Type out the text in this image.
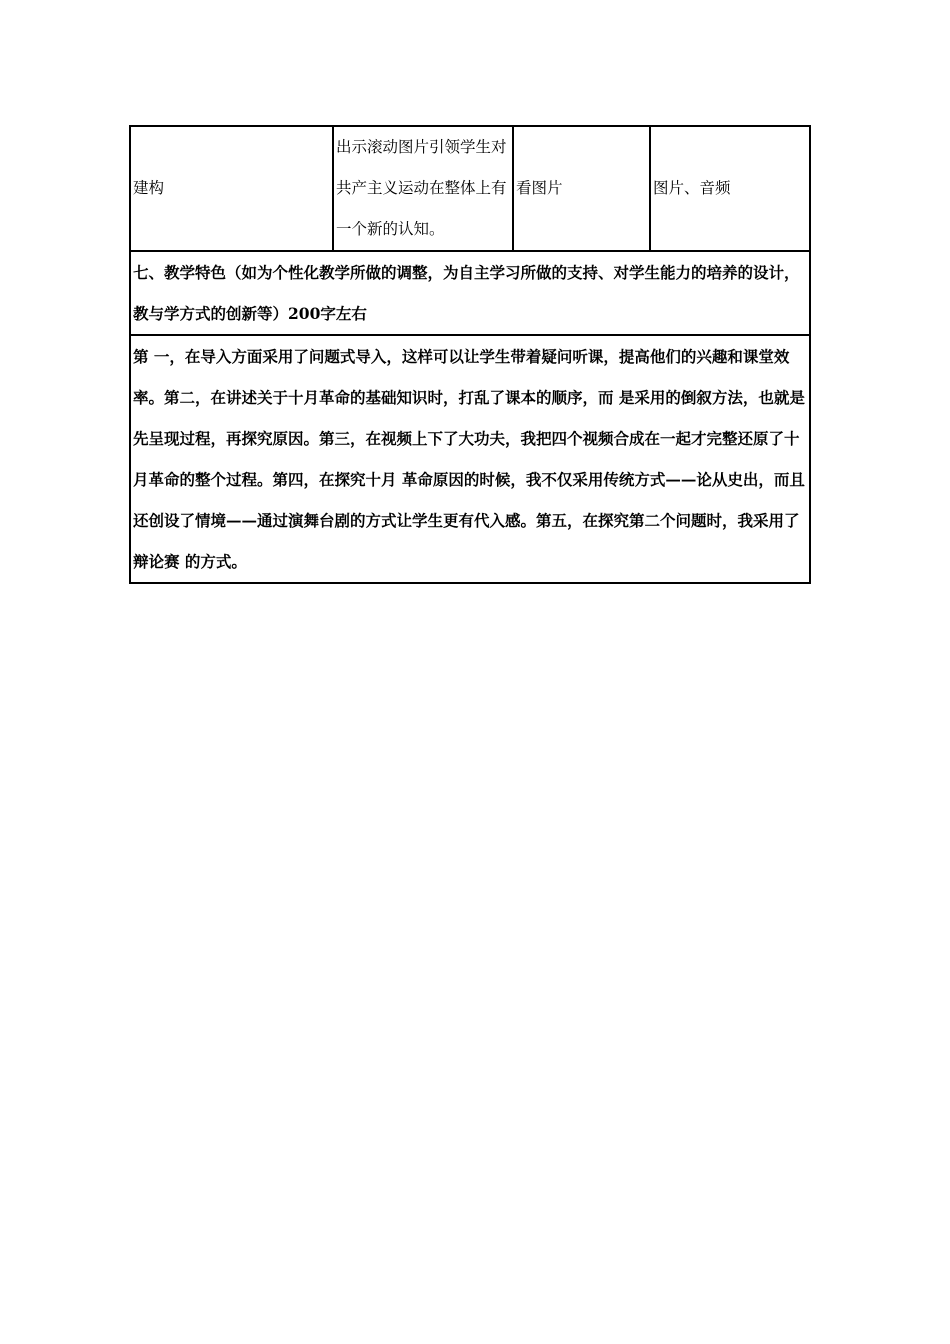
建构	出示滚动图片引领学生对共产主义运动在整体上有一个新的认知。	看图片	图片、音频
七、教学特色（如为个性化教学所做的调整，为自主学习所做的支持、对学生能力的培养的设计，教与学方式的创新等）200字左右
第 一，在导入方面采用了问题式导入，这样可以让学生带着疑问听课，提高他们的兴趣和课堂效率。第二，在讲述关于十月革命的基础知识时，打乱了课本的顺序，而 是采用的倒叙方法，也就是先呈现过程，再探究原因。第三，在视频上下了大功夫，我把四个视频合成在一起才完整还原了十月革命的整个过程。第四，在探究十月 革命原因的时候，我不仅采用传统方式——论从史出，而且还创设了情境——通过演舞台剧的方式让学生更有代入感。第五，在探究第二个问题时，我采用了辩论赛 的方式。
